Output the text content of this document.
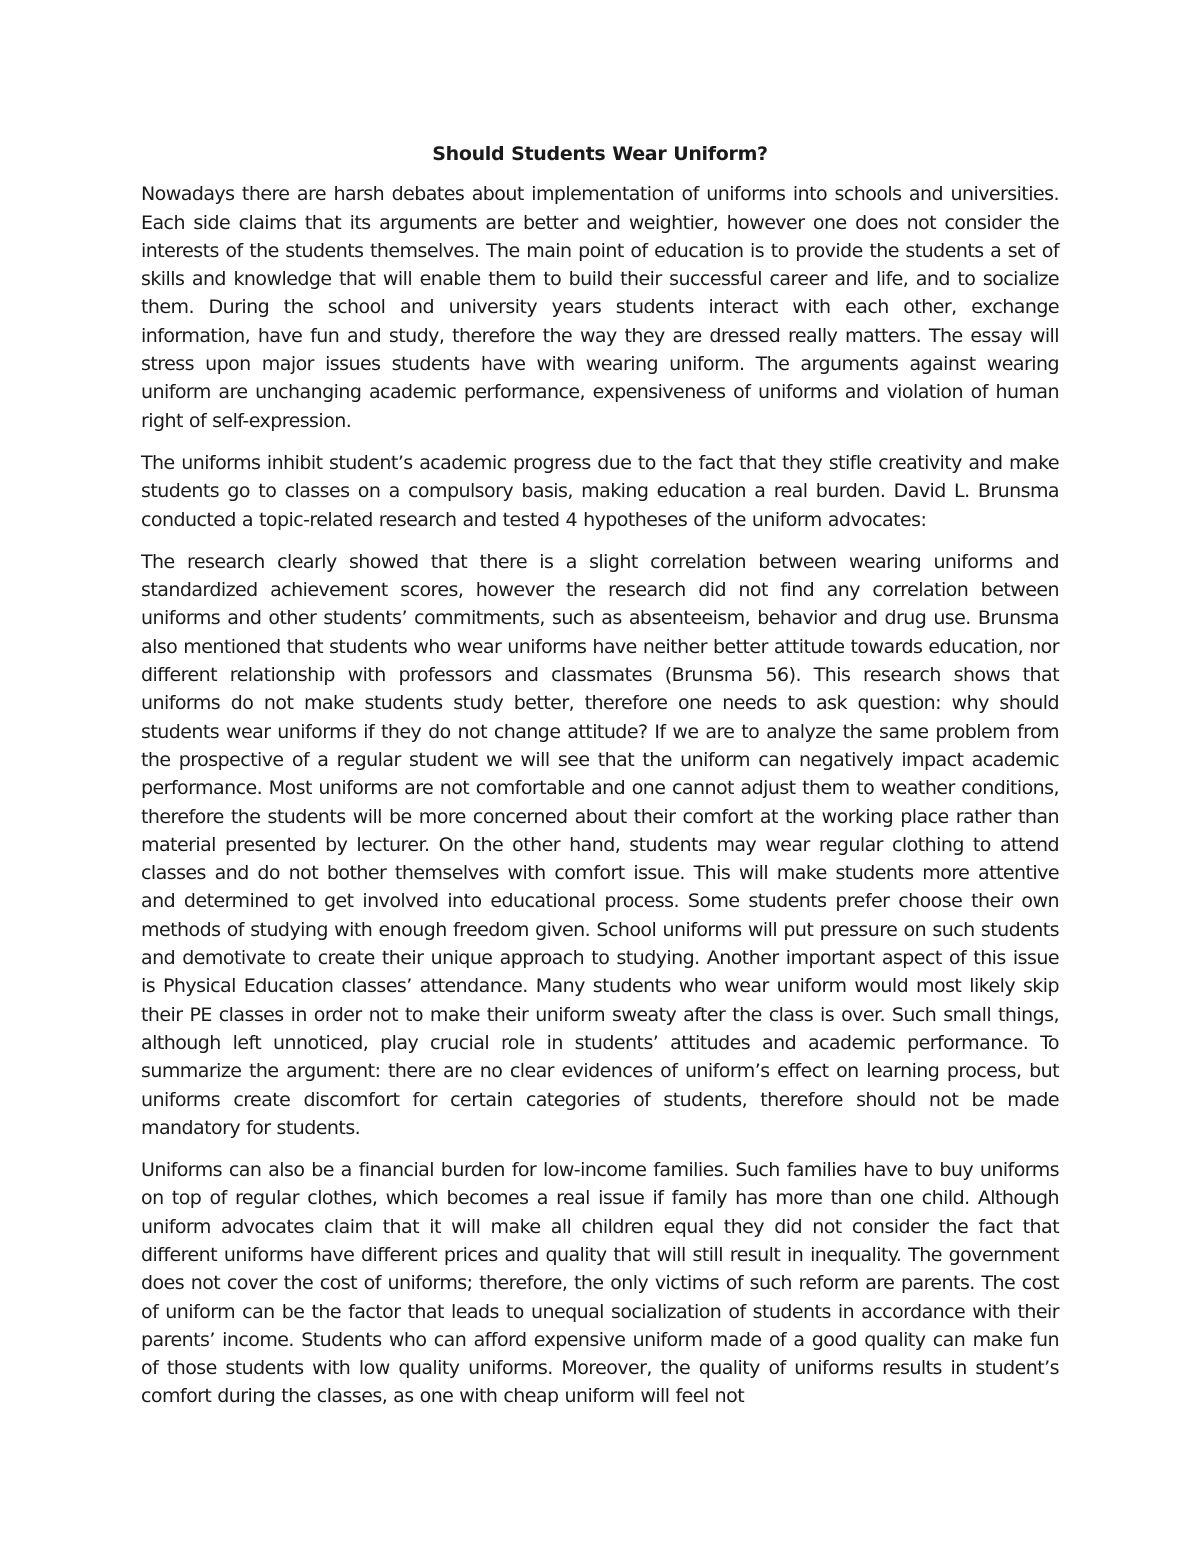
Should Students Wear Uniform?

Nowadays there are harsh debates about implementation of uniforms into schools and universities. Each side claims that its arguments are better and weightier, however one does not consider the interests of the students themselves. The main point of education is to provide the students a set of skills and knowledge that will enable them to build their successful career and life, and to socialize them. During the school and university years students interact with each other, exchange information, have fun and study, therefore the way they are dressed really matters. The essay will stress upon major issues students have with wearing uniform. The arguments against wearing uniform are unchanging academic performance, expensiveness of uniforms and violation of human right of self-expression.

The uniforms inhibit student’s academic progress due to the fact that they stifle creativity and make students go to classes on a compulsory basis, making education a real burden. David L. Brunsma conducted a topic-related research and tested 4 hypotheses of the uniform advocates:

The research clearly showed that there is a slight correlation between wearing uniforms and standardized achievement scores, however the research did not find any correlation between uniforms and other students’ commitments, such as absenteeism, behavior and drug use. Brunsma also mentioned that students who wear uniforms have neither better attitude towards education, nor different relationship with professors and classmates (Brunsma 56). This research shows that uniforms do not make students study better, therefore one needs to ask question: why should students wear uniforms if they do not change attitude? If we are to analyze the same problem from the prospective of a regular student we will see that the uniform can negatively impact academic performance. Most uniforms are not comfortable and one cannot adjust them to weather conditions, therefore the students will be more concerned about their comfort at the working place rather than material presented by lecturer. On the other hand, students may wear regular clothing to attend classes and do not bother themselves with comfort issue. This will make students more attentive and determined to get involved into educational process. Some students prefer choose their own methods of studying with enough freedom given. School uniforms will put pressure on such students and demotivate to create their unique approach to studying. Another important aspect of this issue is Physical Education classes’ attendance. Many students who wear uniform would most likely skip their PE classes in order not to make their uniform sweaty after the class is over. Such small things, although left unnoticed, play crucial role in students’ attitudes and academic performance. To summarize the argument: there are no clear evidences of uniform’s effect on learning process, but uniforms create discomfort for certain categories of students, therefore should not be made mandatory for students.

Uniforms can also be a financial burden for low-income families. Such families have to buy uniforms on top of regular clothes, which becomes a real issue if family has more than one child. Although uniform advocates claim that it will make all children equal they did not consider the fact that different uniforms have different prices and quality that will still result in inequality. The government does not cover the cost of uniforms; therefore, the only victims of such reform are parents. The cost of uniform can be the factor that leads to unequal socialization of students in accordance with their parents’ income. Students who can afford expensive uniform made of a good quality can make fun of those students with low quality uniforms. Moreover, the quality of uniforms results in student’s comfort during the classes, as one with cheap uniform will feel not
